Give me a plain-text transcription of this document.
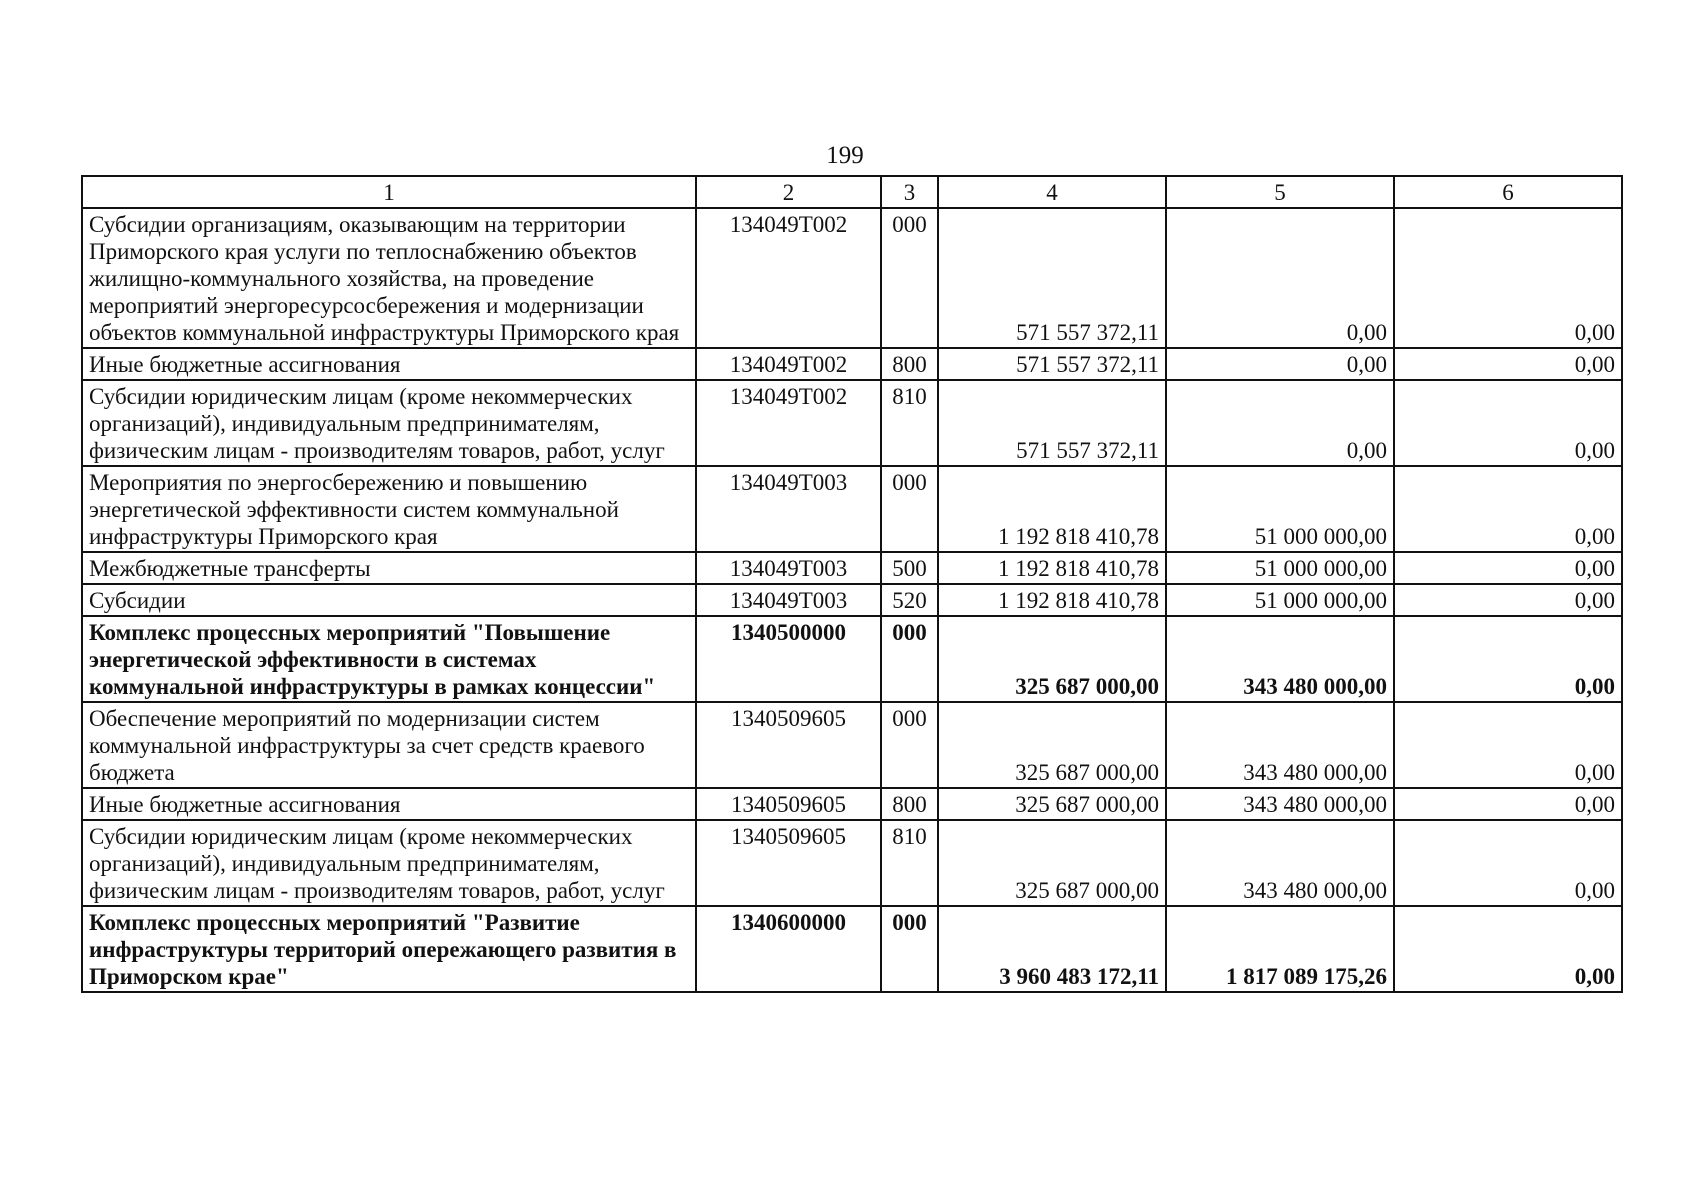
199
1	2	3	4	5	6
Субсидии организациям, оказывающим на территории Приморского края услуги по теплоснабжению объектов жилищно-коммунального хозяйства, на проведение мероприятий энергоресурсосбережения и модернизации объектов коммунальной инфраструктуры Приморского края	134049Т002	000	571 557 372,11	0,00	0,00
Иные бюджетные ассигнования	134049Т002	800	571 557 372,11	0,00	0,00
Субсидии юридическим лицам (кроме некоммерческих организаций), индивидуальным предпринимателям, физическим лицам - производителям товаров, работ, услуг	134049Т002	810	571 557 372,11	0,00	0,00
Мероприятия по энергосбережению и повышению энергетической эффективности систем коммунальной инфраструктуры Приморского края	134049Т003	000	1 192 818 410,78	51 000 000,00	0,00
Межбюджетные трансферты	134049Т003	500	1 192 818 410,78	51 000 000,00	0,00
Субсидии	134049Т003	520	1 192 818 410,78	51 000 000,00	0,00
Комплекс процессных мероприятий "Повышение энергетической эффективности в системах коммунальной инфраструктуры в рамках концессии"	1340500000	000	325 687 000,00	343 480 000,00	0,00
Обеспечение мероприятий по модернизации систем коммунальной инфраструктуры за счет средств краевого бюджета	1340509605	000	325 687 000,00	343 480 000,00	0,00
Иные бюджетные ассигнования	1340509605	800	325 687 000,00	343 480 000,00	0,00
Субсидии юридическим лицам (кроме некоммерческих организаций), индивидуальным предпринимателям, физическим лицам - производителям товаров, работ, услуг	1340509605	810	325 687 000,00	343 480 000,00	0,00
Комплекс процессных мероприятий "Развитие инфраструктуры территорий опережающего развития в Приморском крае"	1340600000	000	3 960 483 172,11	1 817 089 175,26	0,00
